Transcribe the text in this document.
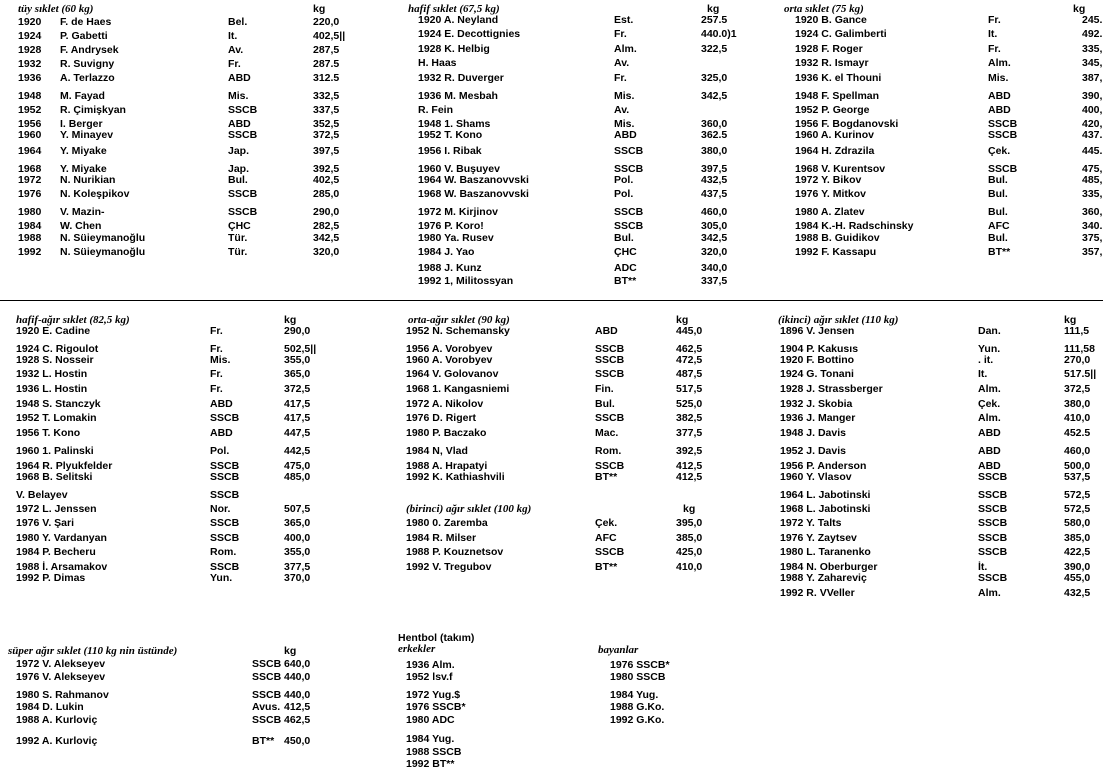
tüy sıklet (60 kg)	kg
1920 F. de Haes	Bel.	220,0
1924 P. Gabetti	It.	402,5||
1928 F. Andrysek	Av.	287,5
1932 R. Suvigny	Fr.	287.5
1936 A. Terlazzo	ABD	312.5
1948 M. Fayad	Mis.	332,5
1952 R. Çimişkyan	SSCB	337,5
1956 I. Berger	ABD	352,5
1960 Y. Minayev	SSCB	372,5
1964 Y. Miyake	Jap.	397,5
1968 Y. Miyake	Jap.	392,5
1972 N. Nurikian	Bul.	402,5
1976 N. Koleşpikov	SSCB	285,0
1980 V. Mazin-	SSCB	290,0
1984 W. Chen	ÇHC	282,5
1988 N. Süieymanoğlu	Tür.	342,5
1992 N. Süieymanoğlu	Tür.	320,0
hafif sıklet (67,5 kg)	kg
1920 A. Neyland	Est.	257.5
1924 E. Decottignies	Fr.	440.0)1
1928 K. Helbig	Alm.	322,5
H. Haas	Av.
1932 R. Duverger	Fr.	325,0
1936 M. Mesbah	Mis.	342,5
R. Fein	Av.
1948 1. Shams	Mis.	360,0
1952 T. Kono	ABD	362.5
1956 I. Ribak	SSCB	380,0
1960 V. Buşuyev	SSCB	397,5
1964 W. Baszanovvski	Pol.	432,5
1968 W. Baszanovvski	Pol.	437,5
1972 M. Kirjinov	SSCB	460,0
1976 P. Koro!	SSCB	305,0
1980 Ya. Rusev	Bul.	342,5
1984 J. Yao	ÇHC	320,0
1988 J. Kunz	ADC	340,0
1992 1, Militossyan	BT**	337,5
orta sıklet (75 kg)	kg
1920 B. Gance	Fr.	245.
1924 C. Galimberti	It.	492.
1928 F. Roger	Fr.	335,
1932 R. Ismayr	Alm.	345,
1936 K. el Thouni	Mis.	387,
1948 F. Spellman	ABD	390,
1952 P. George	ABD	400,
1956 F. Bogdanovski	SSCB	420,
1960 A. Kurinov	SSCB	437.
1964 H. Zdrazila	Çek.	445.
1968 V. Kurentsov	SSCB	475,
1972 Y. Bikov	Bul.	485,
1976 Y. Mitkov	Bul.	335,
1980 A. Zlatev	Bul.	360,
1984 K.-H. Radschinsky	AFC	340.
1988 B. Guidikov	Bul.	375,
1992 F. Kassapu	BT**	357,
hafif-ağır sıklet (82,5 kg)	kg
1920 E. Cadine	Fr.	290,0
1924 C. Rigoulot	Fr.	502,5||
1928 S. Nosseir	Mis.	355,0
1932 L. Hostin	Fr.	365,0
1936 L. Hostin	Fr.	372,5
1948 S. Stanczyk	ABD	417,5
1952 T. Lomakin	SSCB	417,5
1956 T. Kono	ABD	447,5
1960 1. Palinski	Pol.	442,5
1964 R. Plyukfelder	SSCB	475,0
1968 B. Selitski	SSCB	485,0
V. Belayev	SSCB
1972 L. Jenssen	Nor.	507,5
1976 V. Şari	SSCB	365,0
1980 Y. Vardanyan	SSCB	400,0
1984 P. Becheru	Rom.	355,0
1988 İ. Arsamakov	SSCB	377,5
1992 P. Dimas	Yun.	370,0
orta-ağır sıklet (90 kg)	kg
1952 N. Schemansky	ABD	445,0
1956 A. Vorobyev	SSCB	462,5
1960 A. Vorobyev	SSCB	472,5
1964 V. Golovanov	SSCB	487,5
1968 1. Kangasniemi	Fin.	517,5
1972 A. Nikolov	Bul.	525,0
1976 D. Rigert	SSCB	382,5
1980 P. Baczako	Mac.	377,5
1984 N, Vlad	Rom.	392,5
1988 A. Hrapatyi	SSCB	412,5
1992 K. Kathiashvili	BT**	412,5
(birinci) ağır sıklet (100 kg)	kg
1980 0. Zaremba	Çek.	395,0
1984 R. Milser	AFC	385,0
1988 P. Kouznetsov	SSCB	425,0
1992 V. Tregubov	BT**	410,0
(ikinci) ağır sıklet (110 kg)	kg
1896 V. Jensen	Dan.	111,5
1904 P. Kakusıs	Yun.	111,58
1920 F. Bottino	. it.	270,0
1924 G. Tonani	It.	517.5||
1928 J. Strassberger	Alm.	372,5
1932 J. Skobia	Çek.	380,0
1936 J. Manger	Alm.	410,0
1948 J. Davis	ABD	452.5
1952 J. Davis	ABD	460,0
1956 P. Anderson	ABD	500,0
1960 Y. Vlasov	SSCB	537,5
1964 L. Jabotinski	SSCB	572,5
1968 L. Jabotinski	SSCB	572,5
1972 Y. Talts	SSCB	580,0
1976 Y. Zaytsev	SSCB	385,0
1980 L. Taranenko	SSCB	422,5
1984 N. Oberburger	İt.	390,0
1988 Y. Zahareviç	SSCB	455,0
1992 R. VVeller	Alm.	432,5
süper ağır sıklet (110 kg nin üstünde)	kg
1972 V. Alekseyev	SSCB 640,0
1976 V. Alekseyev	SSCB 440,0
1980 S. Rahmanov	SSCB 440,0
1984 D. Lukin	Avus. 412,5
1988 A. Kurloviç	SSCB 462,5
1992 A. Kurloviç	BT** 450,0
Hentbol (takım)
erkekler
1936 Alm.
1952 lsv.f
1972 Yug.$
1976 SSCB*
1980 ADC
1984 Yug.
1988 SSCB
1992 BT**
bayanlar
1976 SSCB*
1980 SSCB
1984 Yug.
1988 G.Ko.
1992 G.Ko.
